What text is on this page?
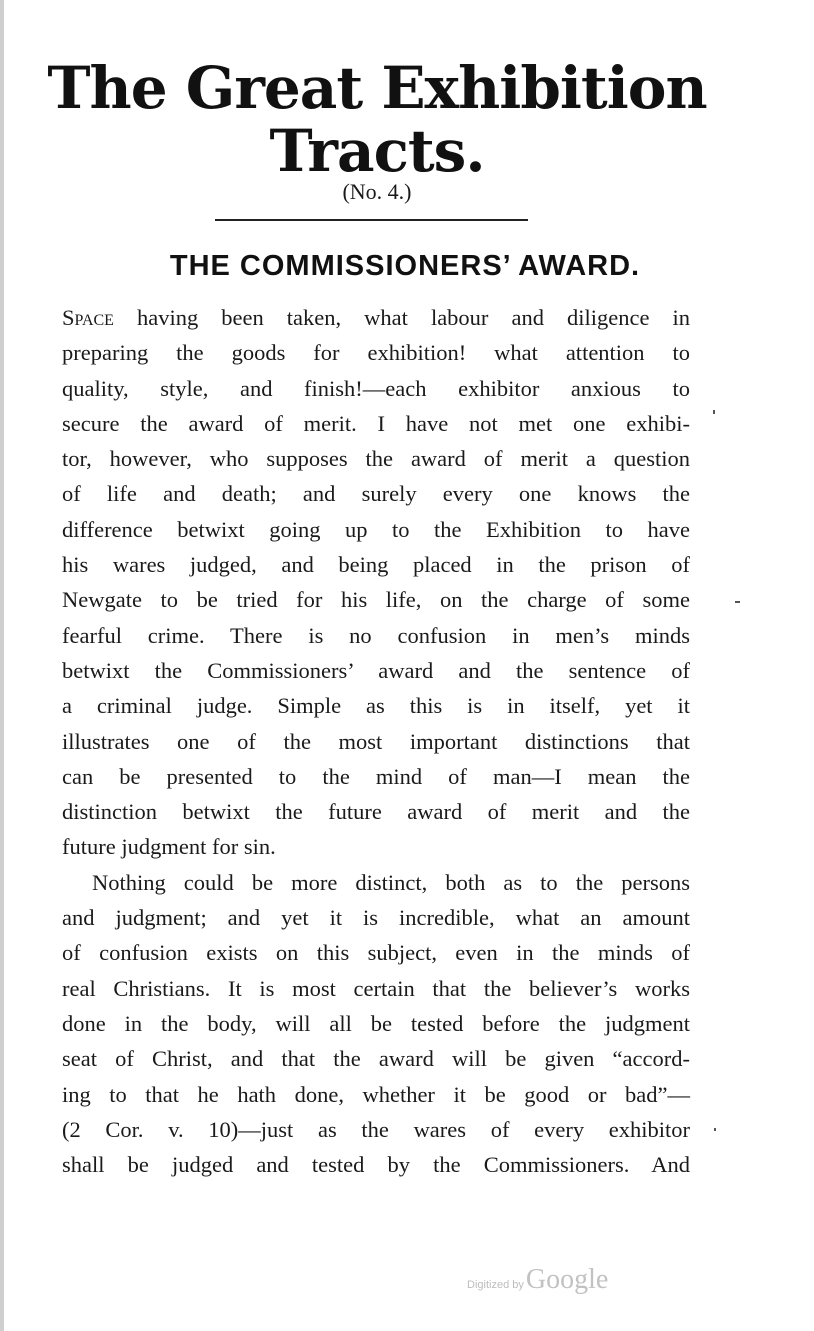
The Great Exhibition
Tracts.
(No. 4.)
THE COMMISSIONERS’ AWARD.
Space having been taken, what labour and diligence in
preparing the goods for exhibition! what attention to
quality, style, and finish!—each exhibitor anxious to
secure the award of merit. I have not met one exhibi-
tor, however, who supposes the award of merit a question
of life and death; and surely every one knows the
difference betwixt going up to the Exhibition to have
his wares judged, and being placed in the prison of
Newgate to be tried for his life, on the charge of some
fearful crime. There is no confusion in men’s minds
betwixt the Commissioners’ award and the sentence of
a criminal judge. Simple as this is in itself, yet it
illustrates one of the most important distinctions that
can be presented to the mind of man—I mean the
distinction betwixt the future award of merit and the
future judgment for sin.
Nothing could be more distinct, both as to the persons
and judgment; and yet it is incredible, what an amount
of confusion exists on this subject, even in the minds of
real Christians. It is most certain that the believer’s works
done in the body, will all be tested before the judgment
seat of Christ, and that the award will be given “accord-
ing to that he hath done, whether it be good or bad”—
(2 Cor. v. 10)—just as the wares of every exhibitor
shall be judged and tested by the Commissioners. And
Digitized by Google
